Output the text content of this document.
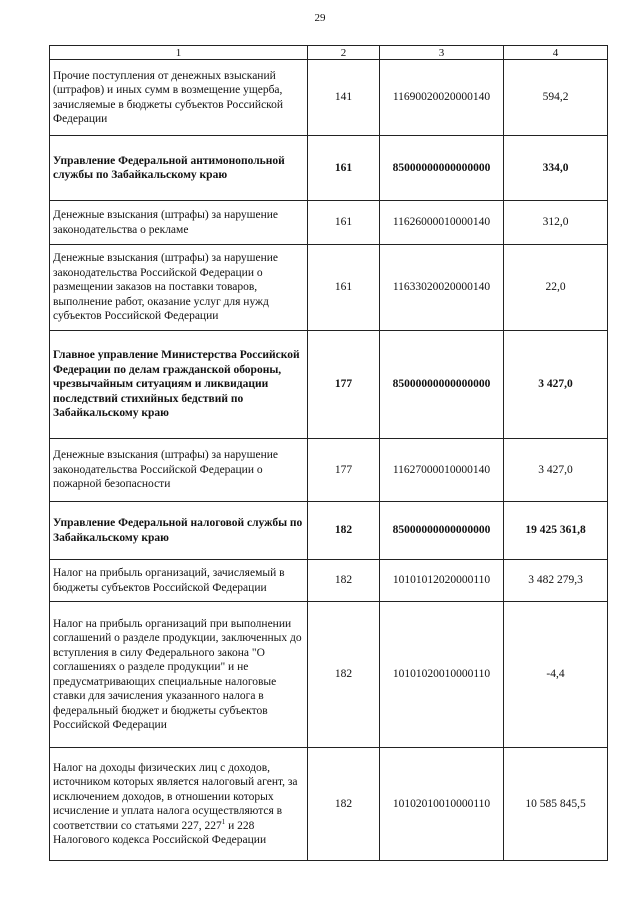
29
1	2	3	4
Прочие поступления от денежных взысканий (штрафов) и иных сумм в возмещение ущерба, зачисляемые в бюджеты субъектов Российской Федерации	141	11690020020000140	594,2
Управление Федеральной антимонопольной службы по Забайкальскому краю	161	85000000000000000	334,0
Денежные взыскания (штрафы) за нарушение законодательства о рекламе	161	11626000010000140	312,0
Денежные взыскания (штрафы) за нарушение законодательства Российской Федерации о размещении заказов на поставки товаров, выполнение работ, оказание услуг для нужд субъектов Российской Федерации	161	11633020020000140	22,0
Главное управление Министерства Российской Федерации по делам гражданской обороны, чрезвычайным ситуациям и ликвидации последствий стихийных бедствий по Забайкальскому краю	177	85000000000000000	3 427,0
Денежные взыскания (штрафы) за нарушение законодательства Российской Федерации о пожарной безопасности	177	11627000010000140	3 427,0
Управление Федеральной налоговой службы по Забайкальскому краю	182	85000000000000000	19 425 361,8
Налог на прибыль организаций, зачисляемый в бюджеты субъектов Российской Федерации	182	10101012020000110	3 482 279,3
Налог на прибыль организаций при выполнении соглашений о разделе продукции, заключенных до вступления в силу Федерального закона "О соглашениях о разделе продукции" и не предусматривающих специальные налоговые ставки для зачисления указанного налога в федеральный бюджет и бюджеты субъектов Российской Федерации	182	10101020010000110	-4,4
Налог на доходы физических лиц с доходов, источником которых является налоговый агент, за исключением доходов, в отношении которых исчисление и уплата налога осуществляются в соответствии со статьями 227, $227^1$ и 228 Налогового кодекса Российской Федерации	182	10102010010000110	10 585 845,5
